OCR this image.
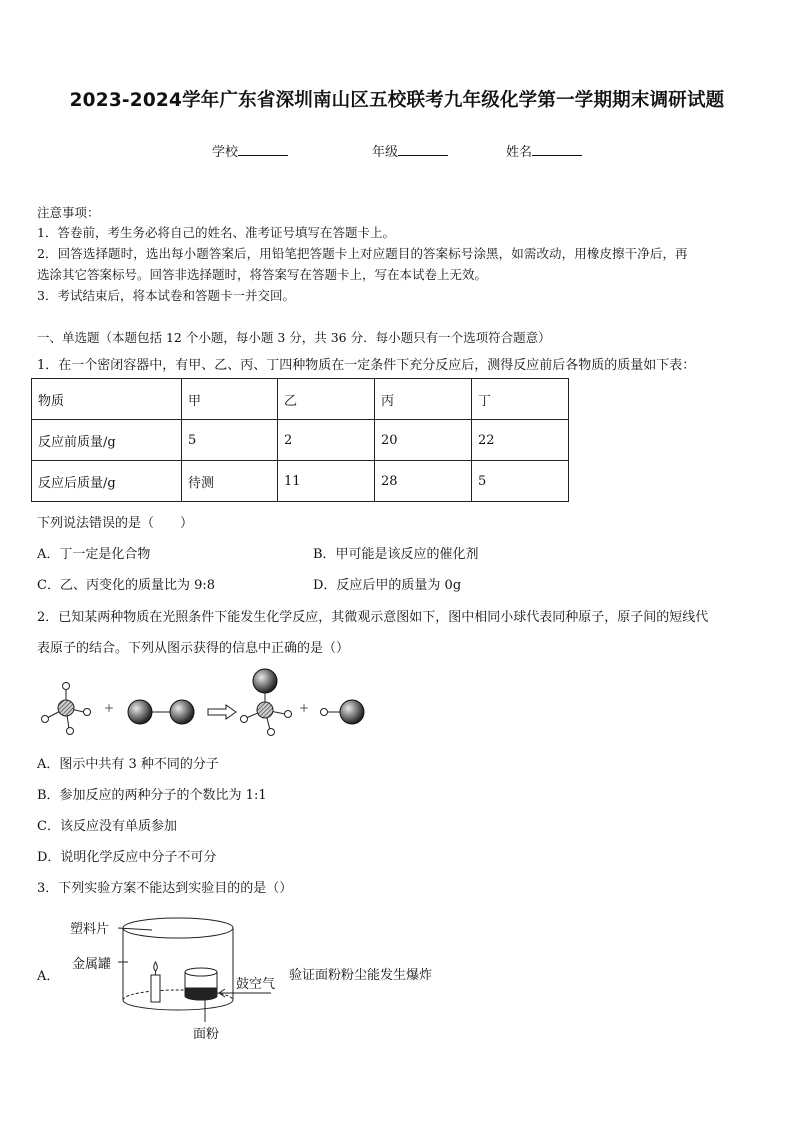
2023-2024学年广东省深圳南山区五校联考九年级化学第一学期期末调研试题
学校	年级	姓名
注意事项：
1．答卷前，考生务必将自己的姓名、准考证号填写在答题卡上。
2．回答选择题时，选出每小题答案后，用铅笔把答题卡上对应题目的答案标号涂黑，如需改动，用橡皮擦干净后，再
选涂其它答案标号。回答非选择题时，将答案写在答题卡上，写在本试卷上无效。
3．考试结束后，将本试卷和答题卡一并交回。
一、单选题（本题包括 12 个小题，每小题 3 分，共 36 分．每小题只有一个选项符合题意）
1．在一个密闭容器中，有甲、乙、丙、丁四种物质在一定条件下充分反应后，测得反应前后各物质的质量如下表：
物质	甲	乙	丙	丁
反应前质量/g	5	2	20	22
反应后质量/g	待测	11	28	5
下列说法错误的是（　　）
A．丁一定是化合物	B．甲可能是该反应的催化剂
C．乙、丙变化的质量比为 9:8	D．反应后甲的质量为 0g
2．已知某两种物质在光照条件下能发生化学反应，其微观示意图如下，图中相同小球代表同种原子，原子间的短线代
表原子的结合。下列从图示获得的信息中正确的是（）
+	+
A．图示中共有 3 种不同的分子
B．参加反应的两种分子的个数比为 1:1
C．该反应没有单质参加
D．说明化学反应中分子不可分
3．下列实验方案不能达到实验目的的是（）
塑料片
金属罐
A．
鼓空气
面粉
验证面粉粉尘能发生爆炸
